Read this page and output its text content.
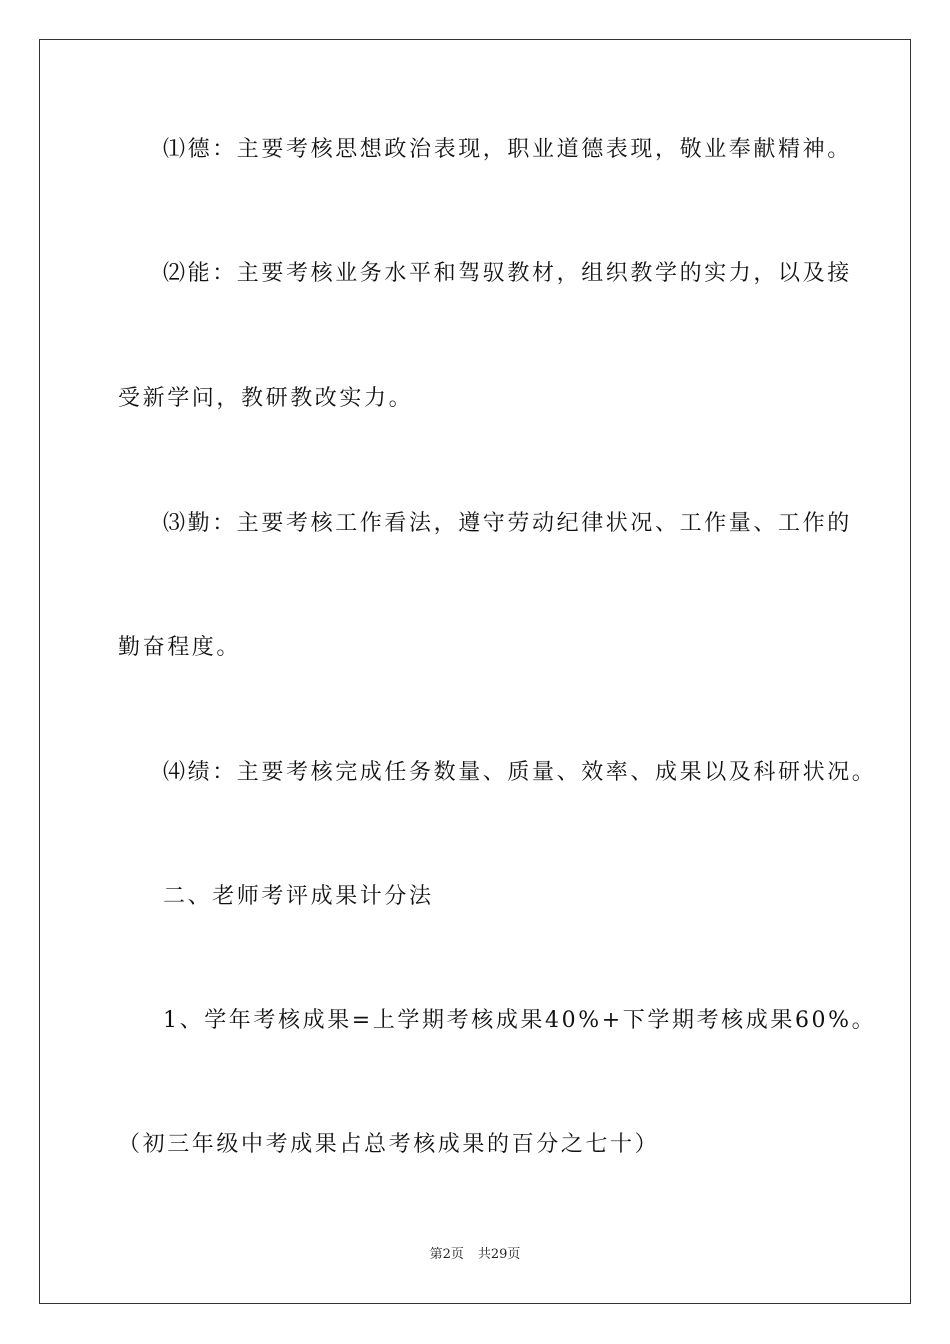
⑴德：主要考核思想政治表现，职业道德表现，敬业奉献精神。
⑵能：主要考核业务水平和驾驭教材，组织教学的实力，以及接
受新学问，教研教改实力。
⑶勤：主要考核工作看法，遵守劳动纪律状况、工作量、工作的
勤奋程度。
⑷绩：主要考核完成任务数量、质量、效率、成果以及科研状况。
二、老师考评成果计分法
1、学年考核成果=上学期考核成果40%+下学期考核成果60%。
（初三年级中考成果占总考核成果的百分之七十）
第2页 共29页
